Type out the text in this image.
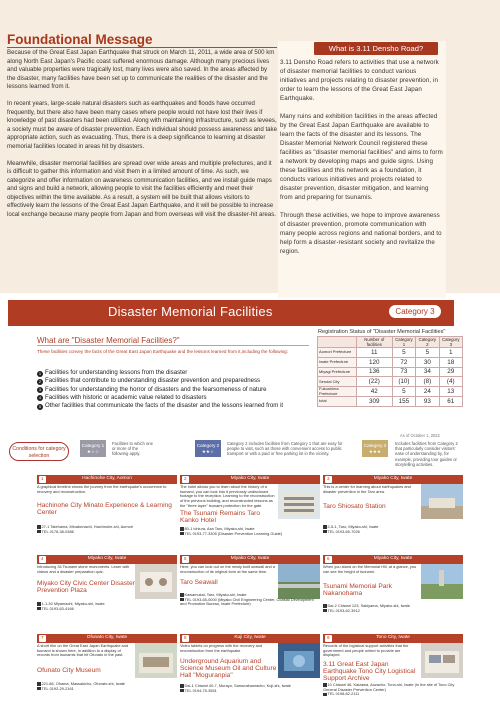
Foundational Message

Because of the Great East Japan Earthquake that struck on March 11, 2011, a wide area of 500 km along North East Japan's Pacific coast suffered enormous damage. Although many precious lives and valuable properties were tragically lost, many lives were also saved. In the areas affected by the disaster, many facilities have been set up to communicate the realities of the disaster and the lessons learned from it.

In recent years, large-scale natural disasters such as earthquakes and floods have occurred frequently, but there also have been many cases where people would not have lost their lives if knowledge of past disasters had been utilized. Along with maintaining infrastructure, such as levees, a society must be aware of disaster prevention. Each individual should possess awareness and take appropriate action, such as evacuating. Thus, there is a deep significance to learning at disaster memorial facilities located in areas hit by disasters.

Meanwhile, disaster memorial facilities are spread over wide areas and multiple prefectures, and it is difficult to gather this information and visit them in a limited amount of time. As such, we categorize and offer information on awareness communication facilities, and we install guide maps and signs and build a network, allowing people to visit the facilities efficiently and meet their objectives within the time available. As a result, a system will be built that allows visitors to effectively learn the lessons of the Great East Japan Earthquake, and it will be possible to increase local exchange because many people from Japan and from overseas will visit the disaster-hit areas.

What is 3.11 Densho Road?

3.11 Densho Road refers to activities that use a network of disaster memorial facilities to conduct various initiatives and projects relating to disaster prevention, in order to learn the lessons of the Great East Japan Earthquake.

Many ruins and exhibition facilities in the areas affected by the Great East Japan Earthquake are available to learn the facts of the disaster and its lessons. The Disaster Memorial Network Council registered these facilities as "disaster memorial facilities" and aims to form a network by developing maps and guide signs. Using these facilities and this network as a foundation, it conducts various initiatives and projects related to disaster prevention, disaster mitigation, and learning from and preparing for tsunamis.

Through these activities, we hope to improve awareness of disaster prevention, promote communication with many people across regions and national borders, and to help form a disaster-resistant society and revitalize the region.

Disaster Memorial Facilities	Category 3
What are "Disaster Memorial Facilities?"
These facilities convey the facts of the Great East Japan Earthquake and the lessons learned from it,including the following:
1 Facilities for understanding lessons from the disaster
2 Facilities that contribute to understanding disaster prevention and preparedness
3 Facilities for understanding the horror of disasters and the fearsomeness of nature
4 Facilities with historic or academic value related to disasters
5 Other facilities that communicate the facts of the disaster and the lessons learned from it
Registration Status of "Disaster Memorial Facilities"
	Number of facilities	Category 1	Category 2	Category 3
Aomori Prefecture	11	5	5	1
Iwate Prefecture	120	72	30	18
Miyagi Prefecture	136	73	34	29
Sendai City	(22)	(10)	(8)	(4)
Fukushima Prefecture	42	5	24	13
total	309	155	93	61
As of October 1, 2022
Conditions for category selection
Category 1
★☆☆
Facilities to which one or more of the following apply.
Category 2
★★☆
Category 2 includes facilities from Category 1 that are easy for people to visit, such as those with convenient access to public transport or with a paid or free parking lot in the vicinity.
Category 3
★★★
Includes facilities from Category 2 that particularly consider visitors' ease of understanding by, for example, providing tour guides or storytelling activities.
Hachinohe City, Aomori
1
A graphical timeline shows the journey from the earthquake's occurrence to recovery and reconstruction.
Hachinohe City Minato Experience & Learning Center
27-1 Tatehama, Minatomachi, Hachinohe-shi, Aomori
TEL 0178-38-0386
Miyako City, Iwate
2
The hotel allows you to learn about the history of a tsunami, you can look into it previously undisclosed footage to the reception. Learning to the reconstruction of the previous building, and reconstructed lessons as the "three layer" tsunami protection for the gate.
The Tsunami Remains Taro Kanko Hotel
80-1 Ichiura, Aza Taro, Miyako-shi, Iwate
TEL 0193-77-3305 (Disaster Prevention Learning Guide)
Miyako City, Iwate
3
This is a center for learning about earthquakes and disaster prevention in the Taro area.
Taro Shiosato Station
2-5-1, Taro, Miyako-shi, Iwate
TEL 0193-65-7026
Miyako City, Iwate
4
Introducing 34 Tsunami stone monuments. Learn with videos and a disaster preparation quiz.
Miyako City Civic Center Disaster Prevention Plaza
1-1-30 Miyamachi, Miyako-shi, Iwate
TEL 0193-63-4166
Miyako City, Iwate
5
Here, you can look out on the newly built seawall and a reconstruction of its original form at the same time.
Taro Seawall
Kawamukai, Taro, Miyako-shi, Iwate
TEL 0193-65-0000 (Miyako Civil Engineering Center, Coastal Development and Promotion Bureau, Iwate Prefecture)
Miyako City, Iwate
6
When you stand on the Memorial Hill, at a glance, you can see the height of tsunami.
Tsunami Memorial Park Nakanohama
Dai-2 Chiwari 123, Sakiyama, Miyako-shi, Iwate
TEL 0193-62-3912
Ofunato City, Iwate
7
A short film on the Great East Japan Earthquake and tsunami is shown here, in addition to a display of records from tsunamis that hit Ofunato in the past.
Ofunato City Museum
221-86, Ohama, Massakicho, Ofunato-shi, Iwate
TEL 0192-29-2161
Kuji City, Iwate
8
Video tablets on progress with the recovery and reconstruction from the earthquake.
Underground Aquarium and Science Museum Oil and Culture Hall "Moguranpia"
Dai-1 Chiwari 40-7, Murayo, Samuraihamacho, Kuji-shi, Iwate
TEL 0194-75-3551
Tono City, Iwate
9
Records of the logistical support activities that the government and people united to provide are displayed.
3.11 Great East Japan Earthquake Tono City Logistical Support Archive
10 Chiwari 46, Kaizawa, Aozacho, Tono-shi, Iwate (In the site of Tono City General Disaster Prevention Center)
TEL 0198-62-2111
